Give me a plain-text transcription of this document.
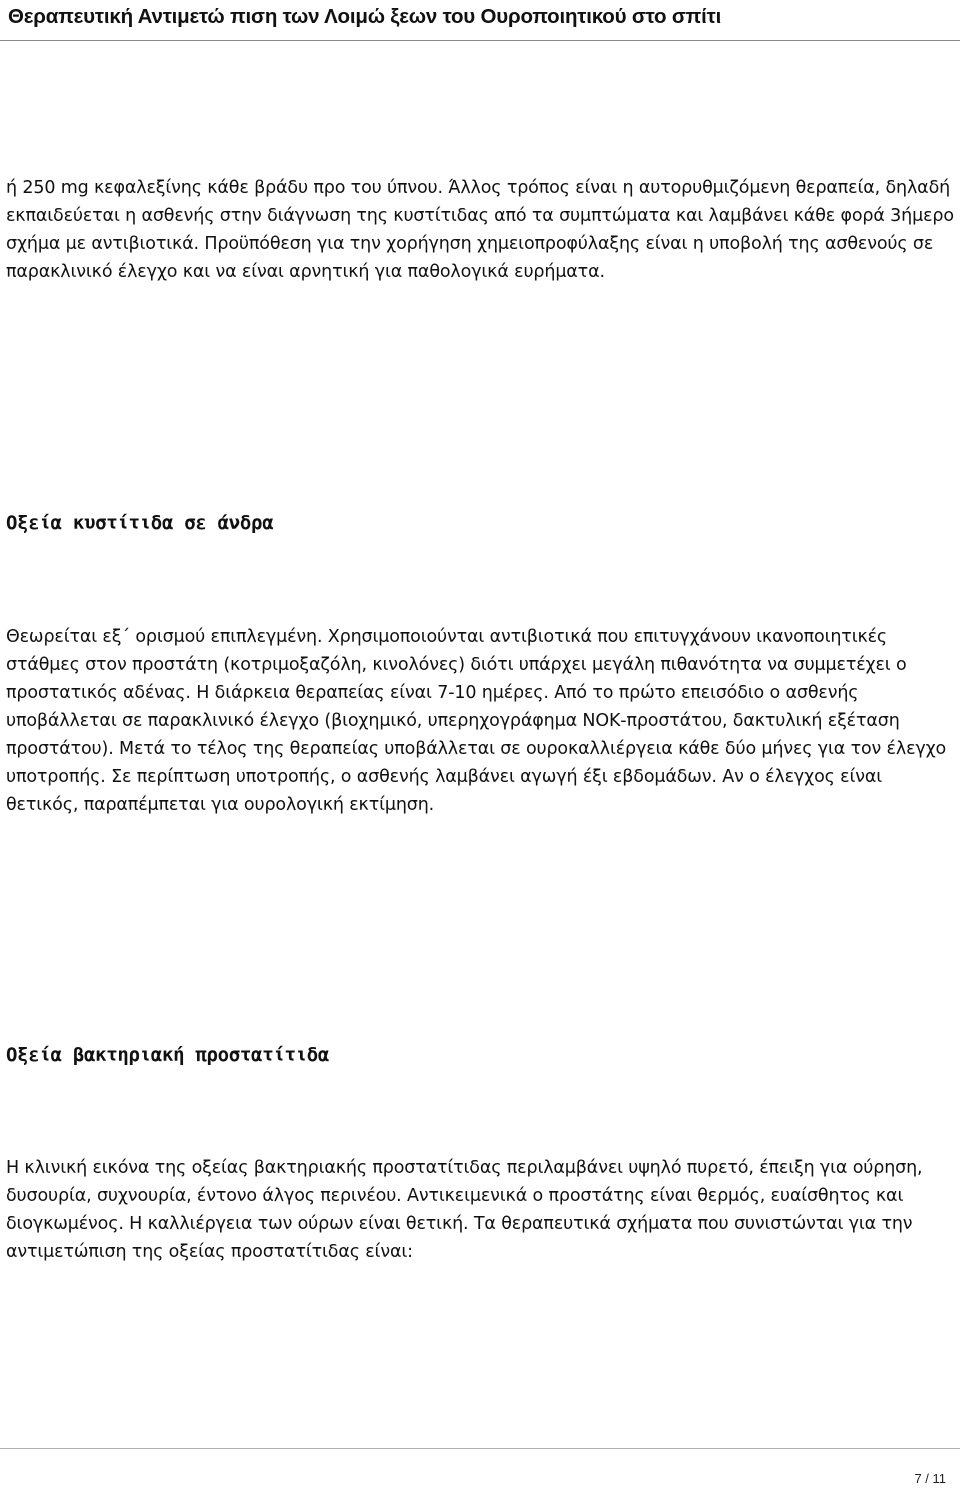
Θεραπευτική Αντιμετώ πιση των Λοιμώ ξεων του Ουροποιητικού στο σπίτι

ή 250 mg κεφαλεξίνης κάθε βράδυ προ του ύπνου. Άλλος τρόπος είναι η αυτορυθμιζόμενη θεραπεία, δηλαδή εκπαιδεύεται η ασθενής στην διάγνωση της κυστίτιδας από τα συμπτώματα και λαμβάνει κάθε φορά 3ήμερο σχήμα με αντιβιοτικά. Προϋπόθεση για την χορήγηση χημειοπροφύλαξης είναι η υποβολή της ασθενούς σε παρακλινικό έλεγχο και να είναι αρνητική για παθολογικά ευρήματα.

Οξεία κυστίτιδα σε άνδρα

Θεωρείται εξ΄ ορισμού επιπλεγμένη. Χρησιμοποιούνται αντιβιοτικά που επιτυγχάνουν ικανοποιητικές στάθμες στον προστάτη (κοτριμοξαζόλη, κινολόνες) διότι υπάρχει μεγάλη πιθανότητα να συμμετέχει ο προστατικός αδένας. Η διάρκεια θεραπείας είναι 7-10 ημέρες. Από το πρώτο επεισόδιο ο ασθενής υποβάλλεται σε παρακλινικό έλεγχο (βιοχημικό, υπερηχογράφημα ΝΟΚ-προστάτου, δακτυλική εξέταση προστάτου). Μετά το τέλος της θεραπείας υποβάλλεται σε ουροκαλλιέργεια κάθε δύο μήνες για τον έλεγχο υποτροπής. Σε περίπτωση υποτροπής, ο ασθενής λαμβάνει αγωγή έξι εβδομάδων. Αν ο έλεγχος είναι θετικός, παραπέμπεται για ουρολογική εκτίμηση.

Οξεία βακτηριακή προστατίτιδα

Η κλινική εικόνα της οξείας βακτηριακής προστατίτιδας περιλαμβάνει υψηλό πυρετό, έπειξη για ούρηση, δυσουρία, συχνουρία, έντονο άλγος περινέου. Αντικειμενικά ο προστάτης είναι θερμός, ευαίσθητος και διογκωμένος. Η καλλιέργεια των ούρων είναι θετική. Τα θεραπευτικά σχήματα που συνιστώνται για την αντιμετώπιση της οξείας προστατίτιδας είναι:

7 / 11
